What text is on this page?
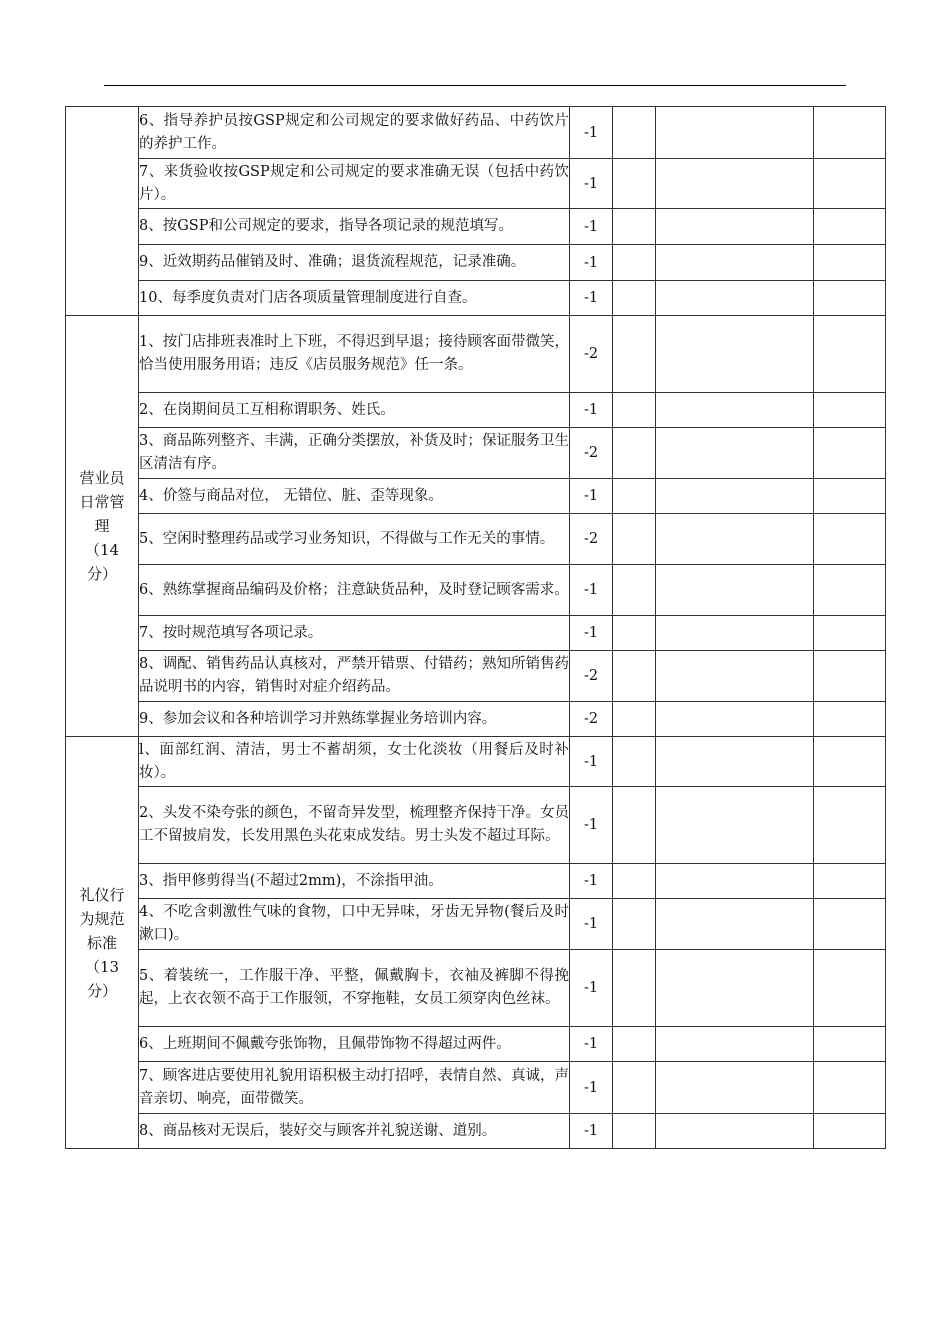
	6、指导养护员按GSP规定和公司规定的要求做好药品、中药饮片的养护工作。	-1			
	7、来货验收按GSP规定和公司规定的要求准确无误（包括中药饮片）。	-1			
	8、按GSP和公司规定的要求，指导各项记录的规范填写。	-1			
	9、近效期药品催销及时、准确；退货流程规范，记录准确。	-1			
	10、每季度负责对门店各项质量管理制度进行自查。	-1			

营业员
日常管
理
（14
分）	1、按门店排班表准时上下班，不得迟到早退；接待顾客面带微笑，恰当使用服务用语；违反《店员服务规范》任一条。	-2			
	2、在岗期间员工互相称谓职务、姓氏。	-1			
	3、商品陈列整齐、丰满，正确分类摆放，补货及时；保证服务卫生区清洁有序。	-2			
	4、价签与商品对位， 无错位、脏、歪等现象。	-1			
	5、空闲时整理药品或学习业务知识，不得做与工作无关的事情。	-2			
	6、熟练掌握商品编码及价格；注意缺货品种，及时登记顾客需求。	-1			
	7、按时规范填写各项记录。	-1			
	8、调配、销售药品认真核对，严禁开错票、付错药；熟知所销售药品说明书的内容，销售时对症介绍药品。	-2			
	9、参加会议和各种培训学习并熟练掌握业务培训内容。	-2			

礼仪行
为规范
标准
（13
分）	l、面部红润、清洁，男士不蓄胡须，女士化淡妆（用餐后及时补妆）。	-1			
	2、头发不染夸张的颜色，不留奇异发型，梳理整齐保持干净。女员工不留披肩发，长发用黑色头花束成发结。男士头发不超过耳际。	-1			
	3、指甲修剪得当(不超过2mm)，不涂指甲油。	-1			
	4、不吃含刺激性气味的食物，口中无异味，牙齿无异物(餐后及时漱口)。	-1			
	5、着装统一，工作服干净、平整，佩戴胸卡，衣袖及裤脚不得挽起，上衣衣领不高于工作服领，不穿拖鞋，女员工须穿肉色丝袜。	-1			
	6、上班期间不佩戴夸张饰物，且佩带饰物不得超过两件。	-1			
	7、顾客进店要使用礼貌用语积极主动打招呼，表情自然、真诚，声音亲切、响亮，面带微笑。	-1			
	8、商品核对无误后，装好交与顾客并礼貌送谢、道别。	-1			
